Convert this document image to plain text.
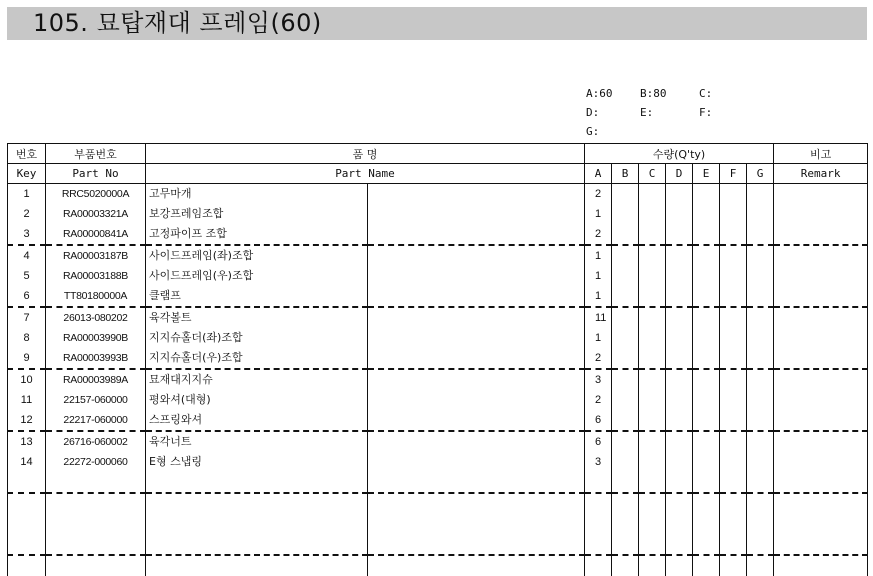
105. 묘탑재대 프레임(60)
A:60	B:80	C:
D:	E:	F:
G:
번호	부품번호	품 명		수량(Q'ty)							비고
Key	Part No	Part Name		A	B	C	D	E	F	G	Remark
1	RRC5020000A	고무마개		2							
2	RA00003321A	보강프레임조합		1							
3	RA00000841A	고정파이프 조합		2							
4	RA00003187B	사이드프레임(좌)조합		1							
5	RA00003188B	사이드프레임(우)조합		1							
6	TT80180000A	클램프		1							
7	26013-080202	육각볼트		11							
8	RA00003990B	지지슈홀더(좌)조합		1							
9	RA00003993B	지지슈홀더(우)조합		2							
10	RA00003989A	묘재대지지슈		3							
11	22157-060000	평와셔(대형)		2							
12	22217-060000	스프링와셔		6							
13	26716-060002	육각너트		6							
14	22272-000060	E형 스냅링		3							
